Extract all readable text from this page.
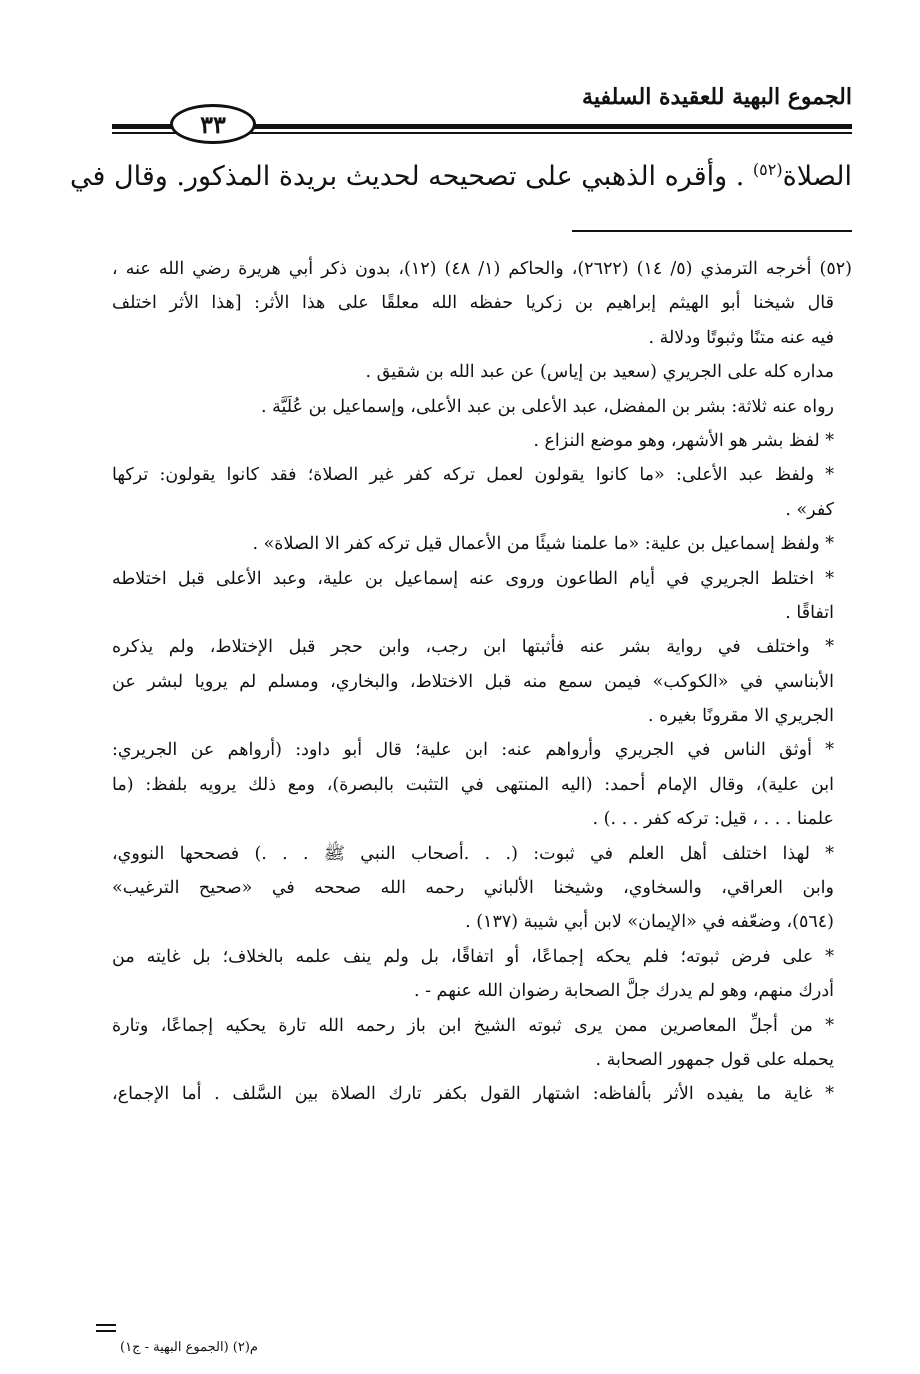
الجموع البهية للعقيدة السلفية
٣٣
الصلاة$^{(٥٢)}$ . وأقره الذهبي على تصحيحه لحديث بريدة المذكور. وقال في
(٥٢) أخرجه الترمذي (٥/ ١٤) (٢٦٢٢)، والحاكم (١/ ٤٨) (١٢)، بدون ذكر أبي هريرة رضي الله عنه ،
قال شيخنا أبو الهيثم إبراهيم بن زكريا حفظه الله معلقًا على هذا الأثر: [هذا الأثر اختلف
فيه عنه متنًا وثبوتًا ودلالة .
مداره كله على الجريري (سعيد بن إياس) عن عبد الله بن شقيق .
رواه عنه ثلاثة: بشر بن المفضل، عبد الأعلى بن عبد الأعلى، وإسماعيل بن عُلَيَّة .
* لفظ بشر هو الأشهر، وهو موضع النزاع .
* ولفظ عبد الأعلى: «ما كانوا يقولون لعمل تركه كفر غير الصلاة؛ فقد كانوا يقولون: تركها
كفر» .
* ولفظ إسماعيل بن علية: «ما علمنا شيئًا من الأعمال قيل تركه كفر الا الصلاة» .
* اختلط الجريري في أيام الطاعون وروى عنه إسماعيل بن علية، وعبد الأعلى قبل اختلاطه
اتفاقًا .
* واختلف في رواية بشر عنه فأثبتها ابن رجب، وابن حجر قبل الإختلاط، ولم يذكره
الأبناسي في «الكوكب» فيمن سمع منه قبل الاختلاط، والبخاري، ومسلم لم يرويا لبشر عن
الجريري الا مقرونًا بغيره .
* أوثق الناس في الجريري وأرواهم عنه: ابن علية؛ قال أبو داود: (أرواهم عن الجريري:
ابن علية)، وقال الإمام أحمد: (اليه المنتهى في التثبت بالبصرة)، ومع ذلك يرويه بلفظ: (ما
علمنا . . . ، قيل: تركه كفر . . .) .
* لهذا اختلف أهل العلم في ثبوت: (. . .أصحاب النبي ﷺ . . .) فصححها النووي،
وابن العراقي، والسخاوي، وشيخنا الألباني رحمه الله صححه في «صحيح الترغيب»
(٥٦٤)، وضعّفه في «الإيمان» لابن أبي شيبة (١٣٧) .
* على فرض ثبوته؛ فلم يحكه إجماعًا، أو اتفاقًا، بل ولم ينف علمه بالخلاف؛ بل غايته من
أدرك منهم، وهو لم يدرك جلَّ الصحابة رضوان الله عنهم - .
* من أجلِّ المعاصرين ممن يرى ثبوته الشيخ ابن باز رحمه الله تارة يحكيه إجماعًا، وتارة
يحمله على قول جمهور الصحابة .
* غاية ما يفيده الأثر بألفاظه: اشتهار القول بكفر تارك الصلاة بين السَّلف . أما الإجماع،
م(٢) (الجموع البهية - ج١)
